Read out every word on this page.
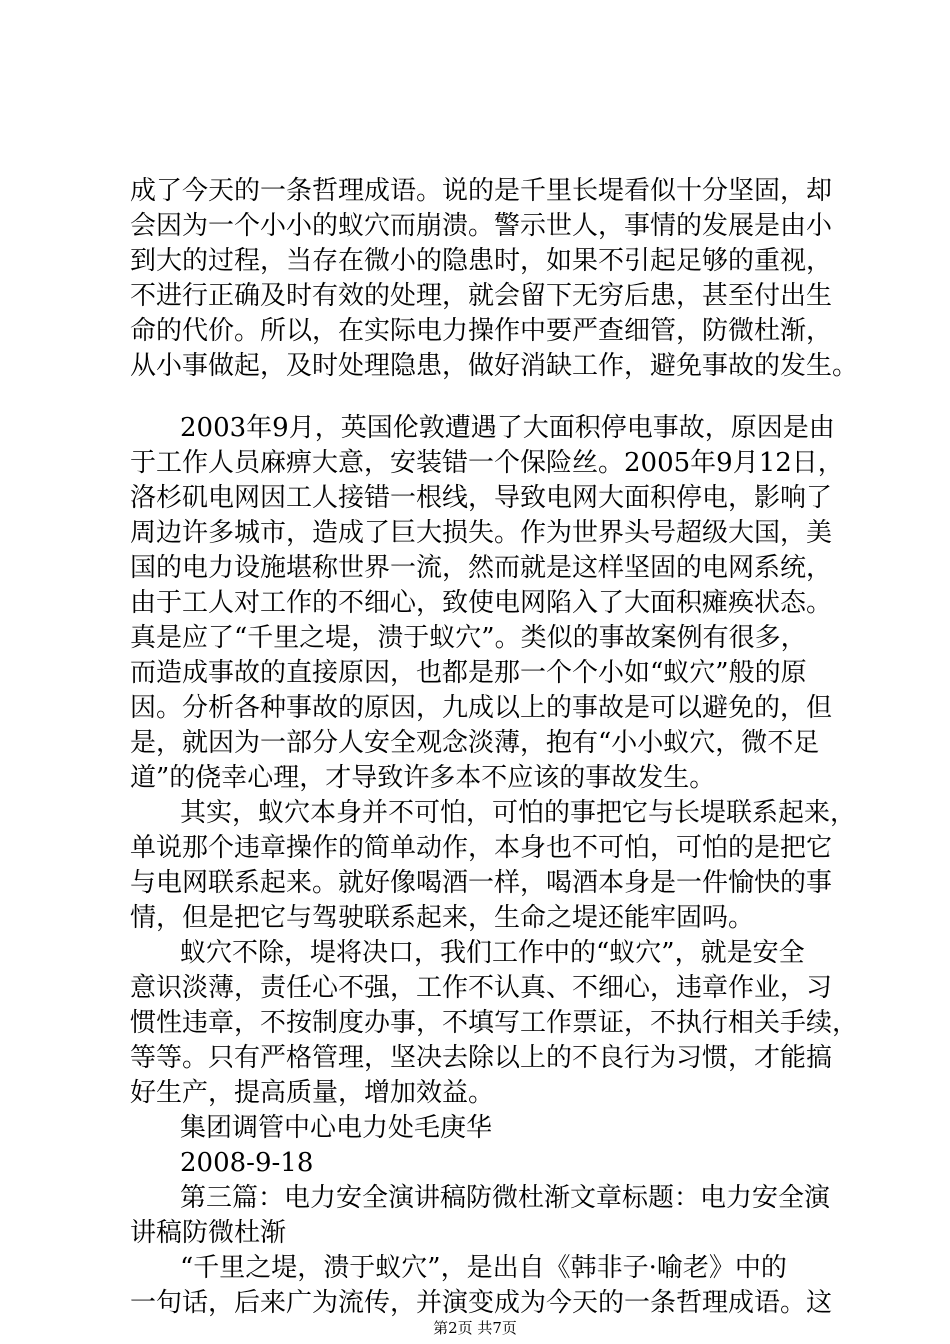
成了今天的一条哲理成语。说的是千里长堤看似十分坚固，却
会因为一个小小的蚁穴而崩溃。警示世人，事情的发展是由小
到大的过程，当存在微小的隐患时，如果不引起足够的重视，
不进行正确及时有效的处理，就会留下无穷后患，甚至付出生
命的代价。所以，在实际电力操作中要严查细管，防微杜渐，
从小事做起，及时处理隐患，做好消缺工作，避免事故的发生。
2003年9月，英国伦敦遭遇了大面积停电事故，原因是由
于工作人员麻痹大意，安装错一个保险丝。2005年9月12日，
洛杉矶电网因工人接错一根线，导致电网大面积停电，影响了
周边许多城市，造成了巨大损失。作为世界头号超级大国，美
国的电力设施堪称世界一流，然而就是这样坚固的电网系统，
由于工人对工作的不细心，致使电网陷入了大面积瘫痪状态。
真是应了“千里之堤，溃于蚁穴”。类似的事故案例有很多，
而造成事故的直接原因，也都是那一个个小如“蚁穴”般的原
因。分析各种事故的原因，九成以上的事故是可以避免的，但
是，就因为一部分人安全观念淡薄，抱有“小小蚁穴，微不足
道”的侥幸心理，才导致许多本不应该的事故发生。
其实，蚁穴本身并不可怕，可怕的事把它与长堤联系起来，
单说那个违章操作的简单动作，本身也不可怕，可怕的是把它
与电网联系起来。就好像喝酒一样，喝酒本身是一件愉快的事
情，但是把它与驾驶联系起来，生命之堤还能牢固吗。
蚁穴不除，堤将决口，我们工作中的“蚁穴”，就是安全
意识淡薄，责任心不强，工作不认真、不细心，违章作业，习
惯性违章，不按制度办事，不填写工作票证，不执行相关手续，
等等。只有严格管理，坚决去除以上的不良行为习惯，才能搞
好生产，提高质量，增加效益。
集团调管中心电力处毛庚华
2008-9-18
第三篇：电力安全演讲稿防微杜渐文章标题：电力安全演
讲稿防微杜渐
“千里之堤，溃于蚁穴”，是出自《韩非子·喻老》中的
一句话，后来广为流传，并演变成为今天的一条哲理成语。这
第2页 共7页
